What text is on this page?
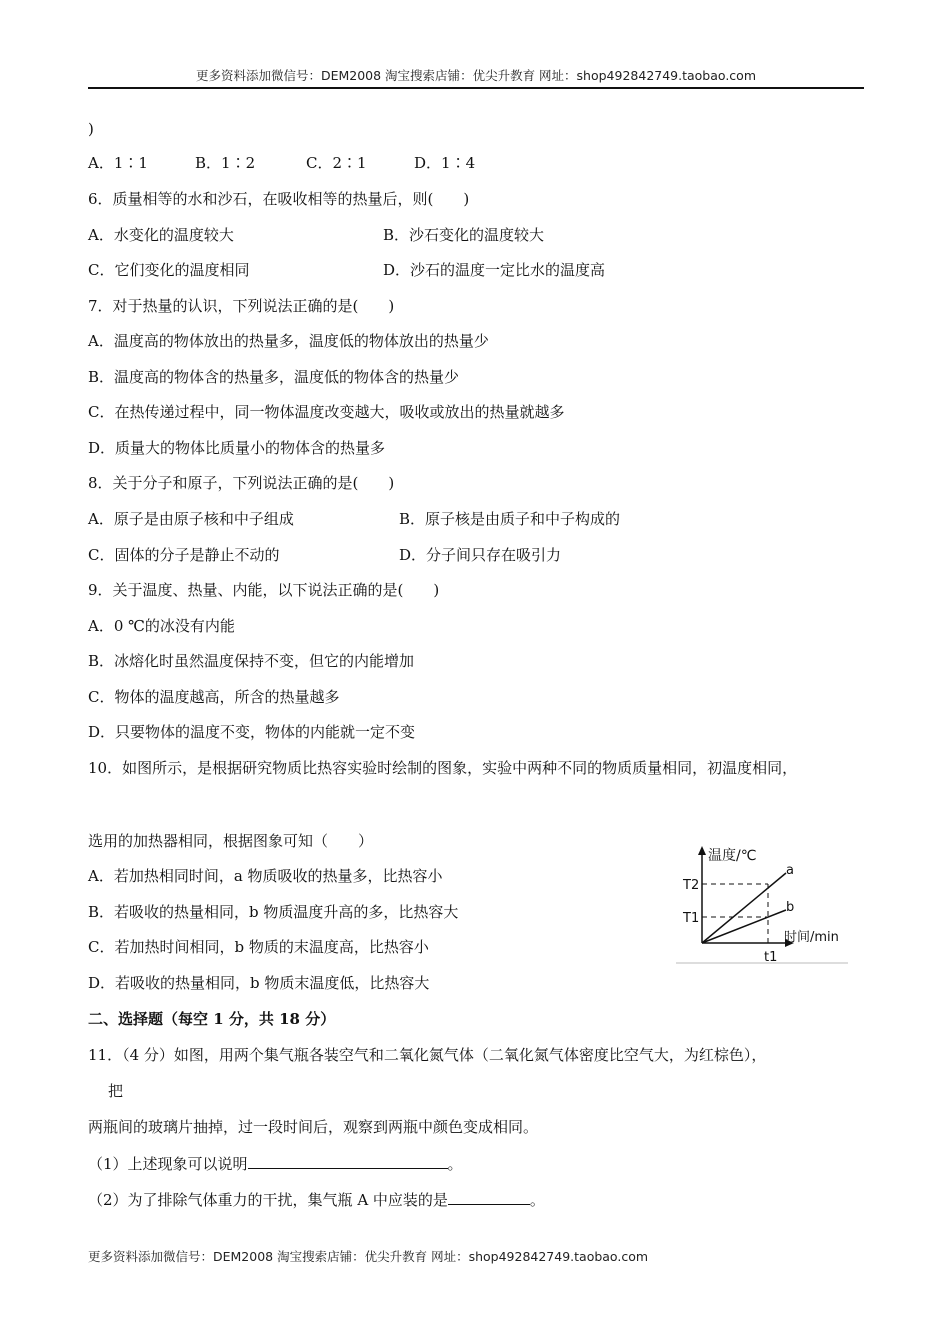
更多资料添加微信号：DEM2008 淘宝搜索店铺：优尖升教育 网址：shop492842749.taobao.com
)
A．1∶1	B．1∶2	C．2∶1	D．1∶4
6．质量相等的水和沙石，在吸收相等的热量后，则(　　)
A．水变化的温度较大	B．沙石变化的温度较大
C．它们变化的温度相同	D．沙石的温度一定比水的温度高
7．对于热量的认识，下列说法正确的是(　　)
A．温度高的物体放出的热量多，温度低的物体放出的热量少
B．温度高的物体含的热量多，温度低的物体含的热量少
C．在热传递过程中，同一物体温度改变越大，吸收或放出的热量就越多
D．质量大的物体比质量小的物体含的热量多
8．关于分子和原子，下列说法正确的是(　　)
A．原子是由原子核和中子组成	B．原子核是由质子和中子构成的
C．固体的分子是静止不动的	D．分子间只存在吸引力
9．关于温度、热量、内能，以下说法正确的是(　　)
A．0 ℃的冰没有内能
B．冰熔化时虽然温度保持不变，但它的内能增加
C．物体的温度越高，所含的热量越多
D．只要物体的温度不变，物体的内能就一定不变
10．如图所示，是根据研究物质比热容实验时绘制的图象，实验中两种不同的物质质量相同，初温度相同，
选用的加热器相同，根据图象可知（　　）
A．若加热相同时间，a 物质吸收的热量多，比热容小
B．若吸收的热量相同，b 物质温度升高的多，比热容大
C．若加热时间相同，b 物质的末温度高，比热容小
D．若吸收的热量相同，b 物质末温度低，比热容大
温度/℃
时间/min
T2
T1
t1
a
b
二、选择题（每空 1 分，共 18 分）
11．（4 分）如图，用两个集气瓶各装空气和二氧化氮气体（二氧化氮气体密度比空气大，为红棕色），
把
两瓶间的玻璃片抽掉，过一段时间后，观察到两瓶中颜色变成相同。
（1）上述现象可以说明	。
（2）为了排除气体重力的干扰，集气瓶 A 中应装的是	。
更多资料添加微信号：DEM2008 淘宝搜索店铺：优尖升教育 网址：shop492842749.taobao.com
